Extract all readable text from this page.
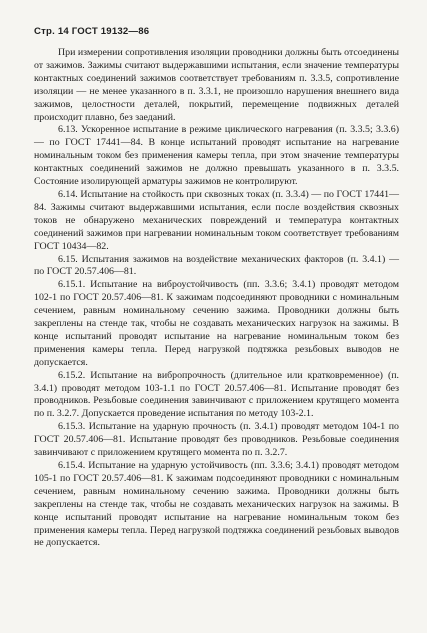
Стр. 14 ГОСТ 19132—86

При измерении сопротивления изоляции проводники должны быть отсоединены от зажимов. Зажимы считают выдержавшими испытания, если значение температуры контактных соединений зажимов соответствует требованиям п. 3.3.5, сопротивление изоляции — не менее указанного в п. 3.3.1, не произошло нарушения внешнего вида зажимов, целостности деталей, покрытий, перемещение подвижных деталей происходит плавно, без заеданий.

6.13. Ускоренное испытание в режиме циклического нагревания (п. 3.3.5; 3.3.6) — по ГОСТ 17441—84. В конце испытаний проводят испытание на нагревание номинальным током без применения камеры тепла, при этом значение температуры контактных соединений зажимов не должно превышать указанного в п. 3.3.5. Состояние изолирующей арматуры зажимов не контролируют.

6.14. Испытание на стойкость при сквозных токах (п. 3.3.4) — по ГОСТ 17441—84. Зажимы считают выдержавшими испытания, если после воздействия сквозных токов не обнаружено механических повреждений и температура контактных соединений зажимов при нагревании номинальным током соответствует требованиям ГОСТ 10434—82.

6.15. Испытания зажимов на воздействие механических факторов (п. 3.4.1) — по ГОСТ 20.57.406—81.

6.15.1. Испытание на виброустойчивость (пп. 3.3.6; 3.4.1) проводят методом 102-1 по ГОСТ 20.57.406—81. К зажимам подсоединяют проводники с номинальным сечением, равным номинальному сечению зажима. Проводники должны быть закреплены на стенде так, чтобы не создавать механических нагрузок на зажимы. В конце испытаний проводят испытание на нагревание номинальным током без применения камеры тепла. Перед нагрузкой подтяжка резьбовых выводов не допускается.

6.15.2. Испытание на вибропрочность (длительное или кратковременное) (п. 3.4.1) проводят методом 103-1.1 по ГОСТ 20.57.406—81. Испытание проводят без проводников. Резьбовые соединения завинчивают с приложением крутящего момента по п. 3.2.7. Допускается проведение испытания по методу 103-2.1.

6.15.3. Испытание на ударную прочность (п. 3.4.1) проводят методом 104-1 по ГОСТ 20.57.406—81. Испытание проводят без проводников. Резьбовые соединения завинчивают с приложением крутящего момента по п. 3.2.7.

6.15.4. Испытание на ударную устойчивость (пп. 3.3.6; 3.4.1) проводят методом 105-1 по ГОСТ 20.57.406—81. К зажимам подсоединяют проводники с номинальным сечением, равным номинальному сечению зажима. Проводники должны быть закреплены на стенде так, чтобы не создавать механических нагрузок на зажимы. В конце испытаний проводят испытание на нагревание номинальным током без применения камеры тепла. Перед нагрузкой подтяжка соединений резьбовых выводов не допускается.
